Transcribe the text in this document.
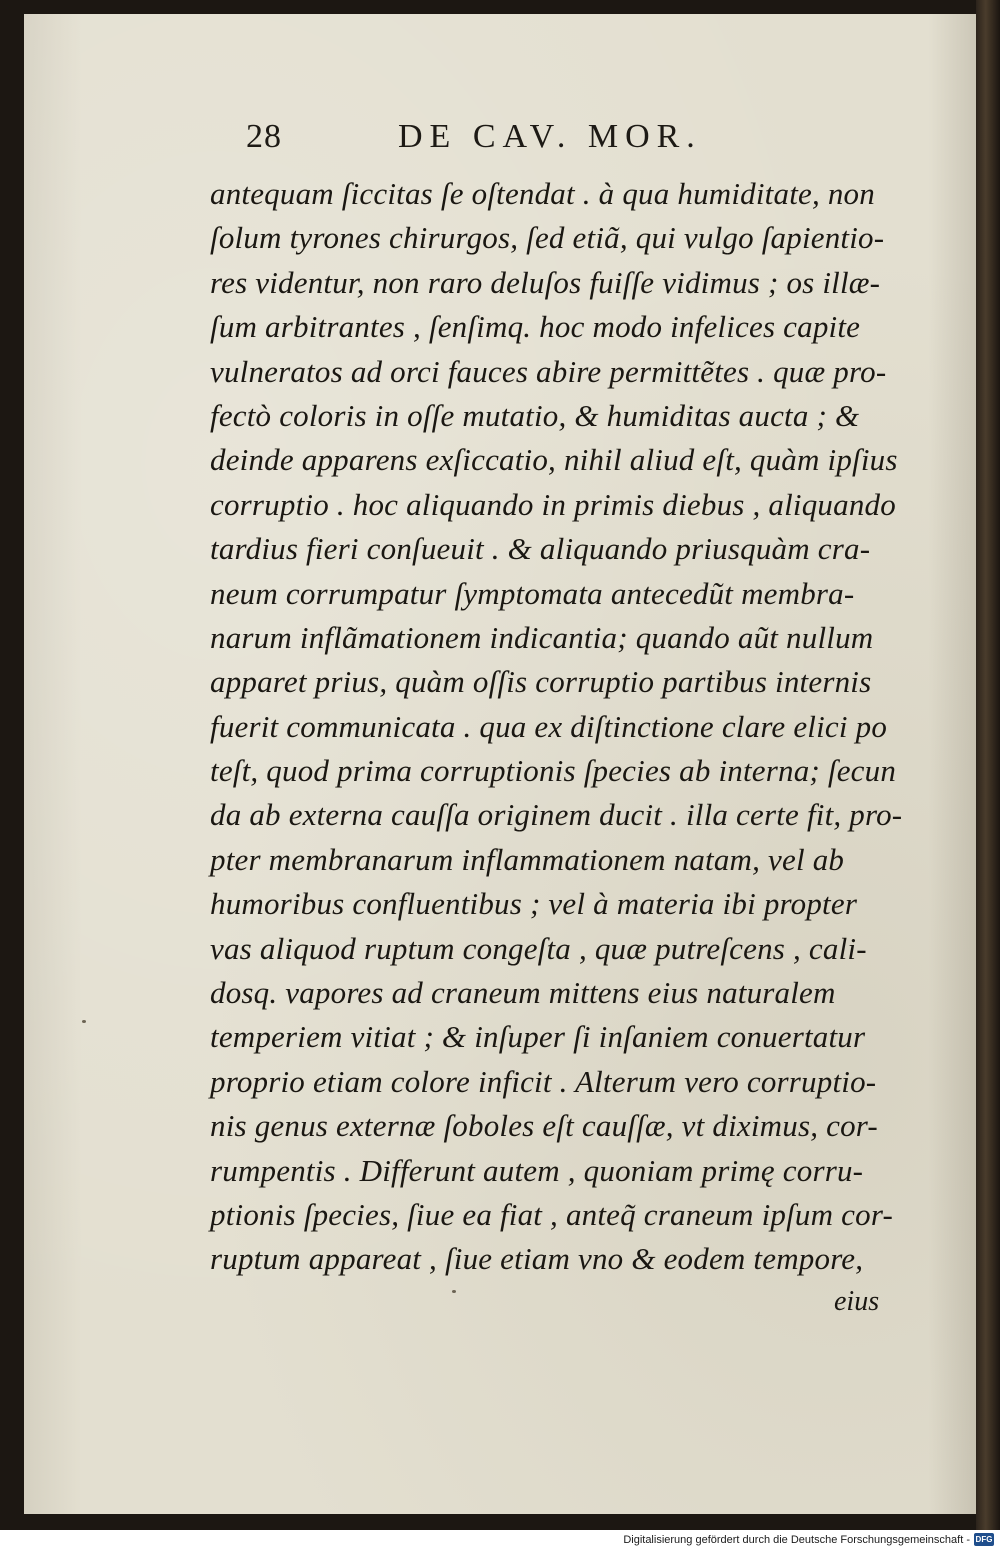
28	DE CAV. MOR.
antequam ſiccitas ſe oſtendat . à qua humiditate, non
ſolum tyrones chirurgos, ſed etiã, qui vulgo ſapientio-
res videntur, non raro deluſos fuiſſe vidimus ; os illæ-
ſum arbitrantes , ſenſimq. hoc modo infelices capite
vulneratos ad orci fauces abire permittẽtes . quæ pro-
fectò coloris in oſſe mutatio, & humiditas aucta ; &
deinde apparens exſiccatio, nihil aliud eſt, quàm ipſius
corruptio . hoc aliquando in primis diebus , aliquando
tardius fieri conſueuit . & aliquando priusquàm cra-
neum corrumpatur ſymptomata antecedũt membra-
narum inflãmationem indicantia; quando aũt nullum
apparet prius, quàm oſſis corruptio partibus internis
fuerit communicata . qua ex diſtinctione clare elici po
teſt, quod prima corruptionis ſpecies ab interna; ſecun
da ab externa cauſſa originem ducit . illa certe fit, pro-
pter membranarum inflammationem natam, vel ab
humoribus confluentibus ; vel à materia ibi propter
vas aliquod ruptum congeſta , quæ putreſcens , cali-
dosq. vapores ad craneum mittens eius naturalem
temperiem vitiat ; & inſuper ſi inſaniem conuertatur
proprio etiam colore inficit . Alterum vero corruptio-
nis genus externæ ſoboles eſt cauſſæ, vt diximus, cor-
rumpentis . Differunt autem , quoniam primę corru-
ptionis ſpecies, ſiue ea fiat , anteq̃ craneum ipſum cor-
ruptum appareat , ſiue etiam vno & eodem tempore,
eius
Digitalisierung gefördert durch die Deutsche Forschungsgemeinschaft - DFG
